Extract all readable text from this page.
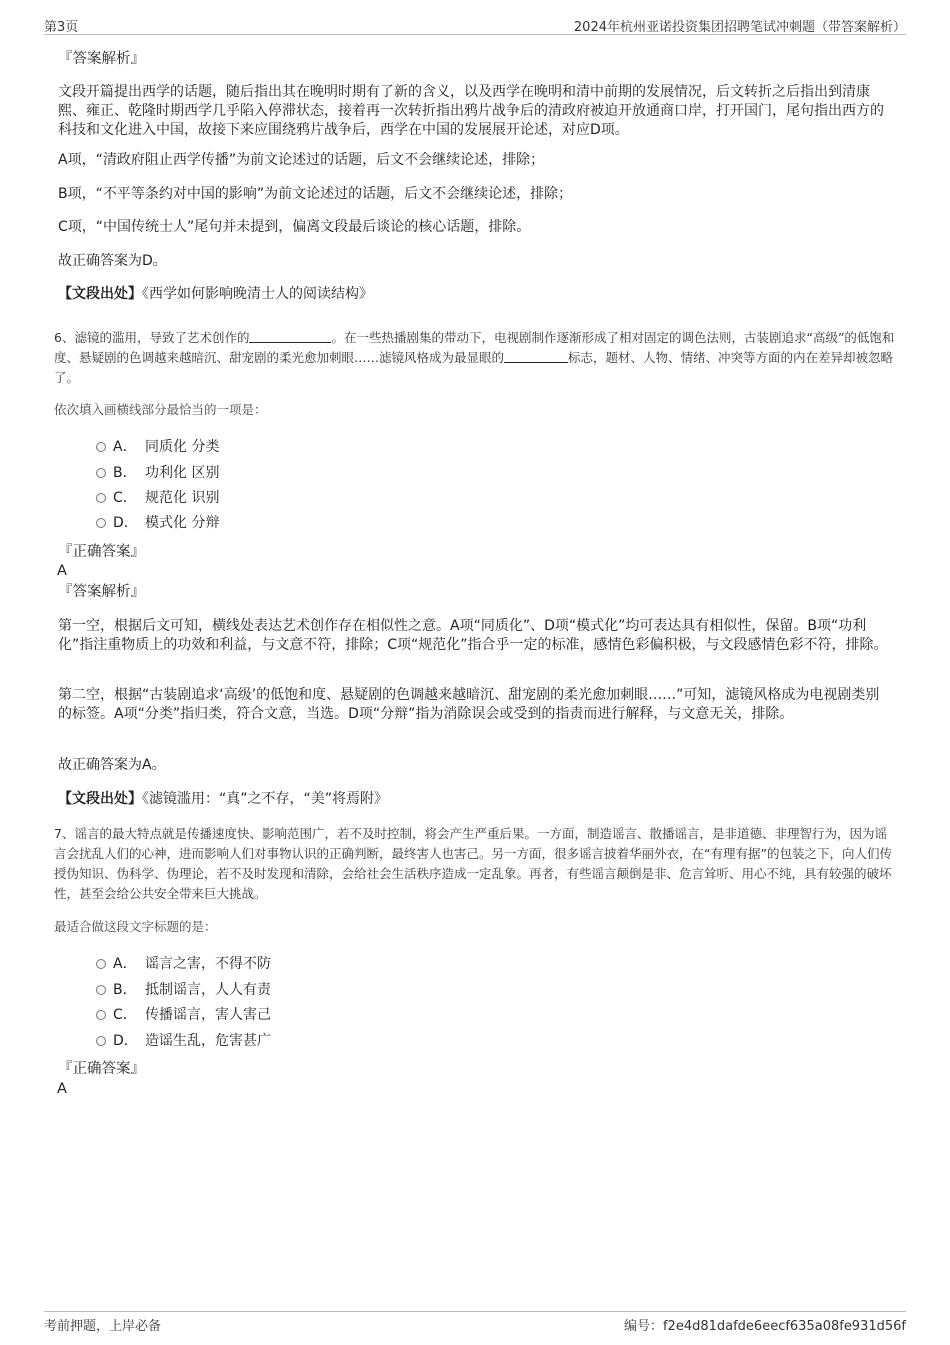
第3页	2024年杭州亚诺投资集团招聘笔试冲刺题（带答案解析）
『答案解析』
文段开篇提出西学的话题，随后指出其在晚明时期有了新的含义，以及西学在晚明和清中前期的发展情况，后文转折之后指出到清康熙、雍正、乾隆时期西学几乎陷入停滞状态，接着再一次转折指出鸦片战争后的清政府被迫开放通商口岸，打开国门，尾句指出西方的科技和文化进入中国，故接下来应围绕鸦片战争后，西学在中国的发展展开论述，对应D项。
A项，“清政府阻止西学传播”为前文论述过的话题，后文不会继续论述，排除；
B项，“不平等条约对中国的影响”为前文论述过的话题，后文不会继续论述，排除；
C项，“中国传统士人”尾句并未提到，偏离文段最后谈论的核心话题，排除。
故正确答案为D。
【文段出处】《西学如何影响晚清士人的阅读结构》
6、滤镜的滥用，导致了艺术创作的	。在一些热播剧集的带动下，电视剧制作逐渐形成了相对固定的调色法则，古装剧追求“高级”的低饱和度、悬疑剧的色调越来越暗沉、甜宠剧的柔光愈加刺眼……滤镜风格成为最显眼的	标志，题材、人物、情绪、冲突等方面的内在差异却被忽略了。
依次填入画横线部分最恰当的一项是：
A． 同质化 分类
B． 功利化 区别
C． 规范化 识别
D． 模式化 分辩
『正确答案』
A
『答案解析』
第一空，根据后文可知，横线处表达艺术创作存在相似性之意。A项“同质化”、D项“模式化”均可表达具有相似性，保留。B项“功利化”指注重物质上的功效和利益，与文意不符，排除；C项“规范化”指合乎一定的标准，感情色彩偏积极，与文段感情色彩不符，排除。
第二空，根据“古装剧追求‘高级’的低饱和度、悬疑剧的色调越来越暗沉、甜宠剧的柔光愈加刺眼……”可知，滤镜风格成为电视剧类别的标签。A项“分类”指归类，符合文意，当选。D项“分辩”指为消除误会或受到的指责而进行解释，与文意无关，排除。
故正确答案为A。
【文段出处】《滤镜滥用：“真”之不存，“美”将焉附》
7、谣言的最大特点就是传播速度快、影响范围广，若不及时控制，将会产生严重后果。一方面，制造谣言、散播谣言，是非道德、非理智行为，因为谣言会扰乱人们的心神，进而影响人们对事物认识的正确判断，最终害人也害己。另一方面，很多谣言披着华丽外衣，在“有理有据”的包装之下，向人们传授伪知识、伪科学、伪理论，若不及时发现和清除，会给社会生活秩序造成一定乱象。再者，有些谣言颠倒是非、危言耸听、用心不纯，具有较强的破坏性，甚至会给公共安全带来巨大挑战。
最适合做这段文字标题的是：
A． 谣言之害，不得不防
B． 抵制谣言，人人有责
C． 传播谣言，害人害己
D． 造谣生乱，危害甚广
『正确答案』
A
考前押题，上岸必备	编号：f2e4d81dafde6eecf635a08fe931d56f
